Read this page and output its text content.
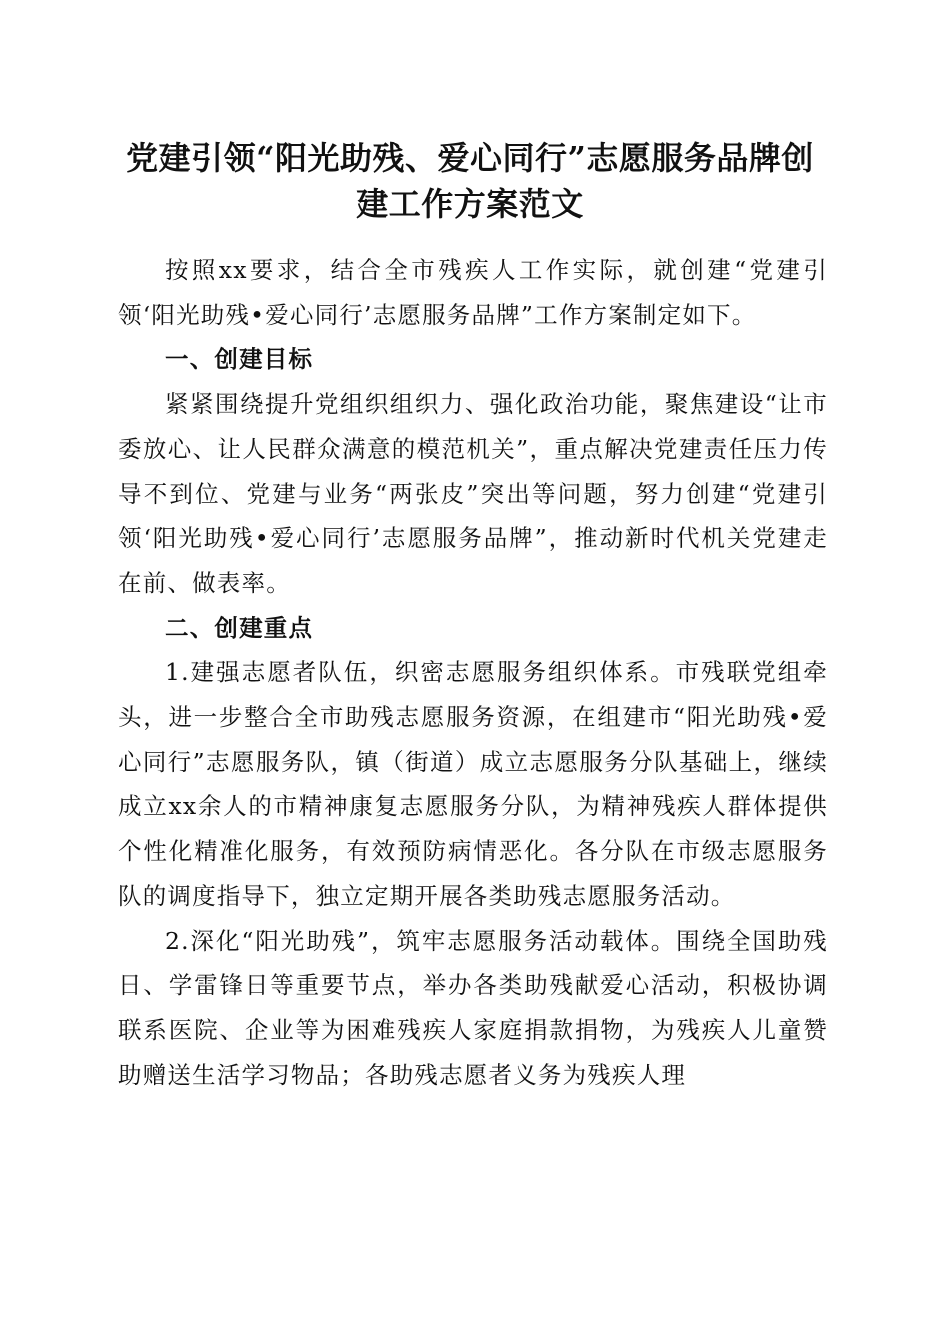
党建引领“阳光助残、爱心同行”志愿服务品牌创建工作方案范文

按照xx要求，结合全市残疾人工作实际，就创建“党建引领‘阳光助残•爱心同行’志愿服务品牌”工作方案制定如下。

一、创建目标

紧紧围绕提升党组织组织力、强化政治功能，聚焦建设“让市委放心、让人民群众满意的模范机关”，重点解决党建责任压力传导不到位、党建与业务“两张皮”突出等问题，努力创建“党建引领‘阳光助残•爱心同行’志愿服务品牌”，推动新时代机关党建走在前、做表率。

二、创建重点

1.建强志愿者队伍，织密志愿服务组织体系。市残联党组牵头，进一步整合全市助残志愿服务资源，在组建市“阳光助残•爱心同行”志愿服务队，镇（街道）成立志愿服务分队基础上，继续成立xx余人的市精神康复志愿服务分队，为精神残疾人群体提供个性化精准化服务，有效预防病情恶化。各分队在市级志愿服务队的调度指导下，独立定期开展各类助残志愿服务活动。

2.深化“阳光助残”，筑牢志愿服务活动载体。围绕全国助残日、学雷锋日等重要节点，举办各类助残献爱心活动，积极协调联系医院、企业等为困难残疾人家庭捐款捐物，为残疾人儿童赞助赠送生活学习物品；各助残志愿者义务为残疾人理
